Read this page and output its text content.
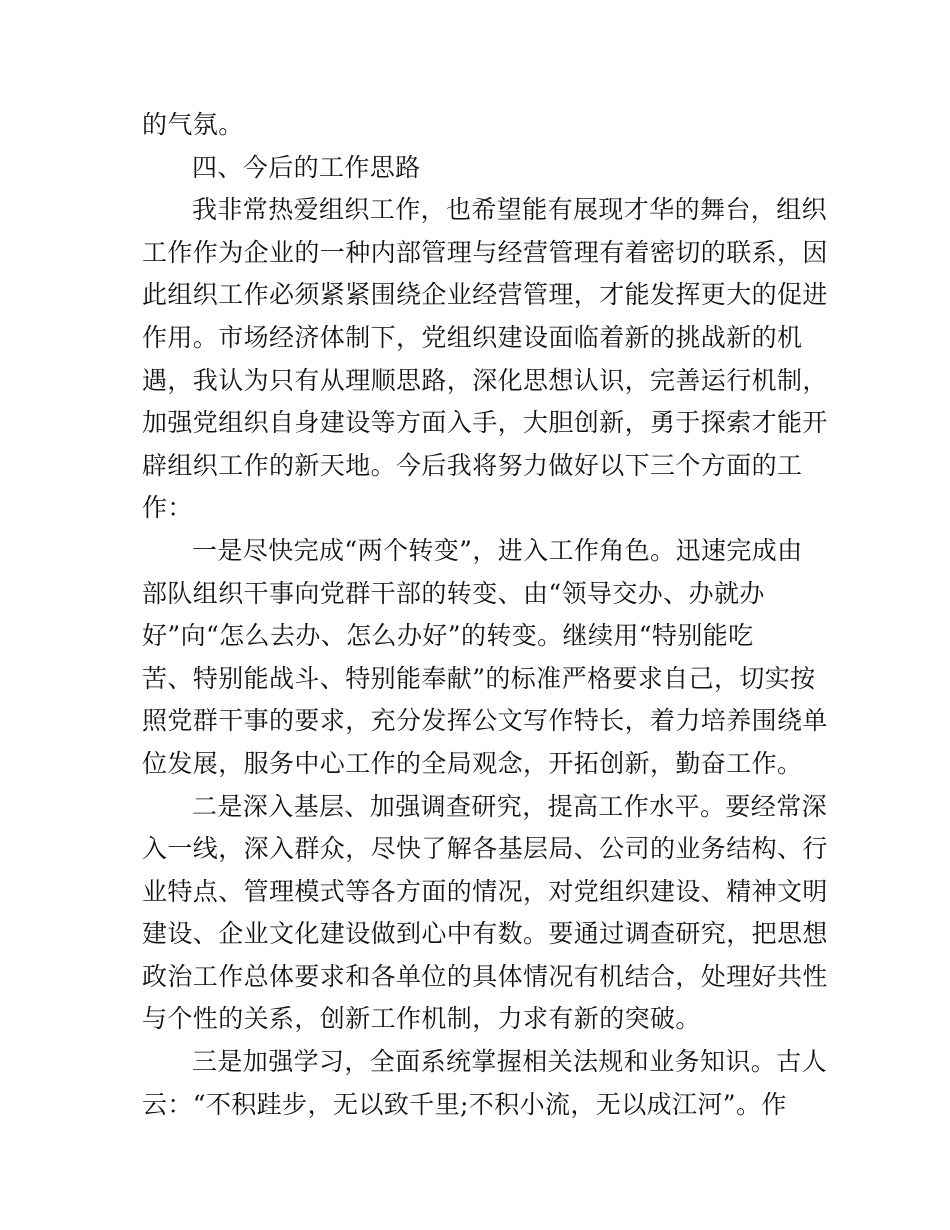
的气氛。
四、今后的工作思路
我非常热爱组织工作，也希望能有展现才华的舞台，组织
工作作为企业的一种内部管理与经营管理有着密切的联系，因
此组织工作必须紧紧围绕企业经营管理，才能发挥更大的促进
作用。市场经济体制下，党组织建设面临着新的挑战新的机
遇，我认为只有从理顺思路，深化思想认识，完善运行机制，
加强党组织自身建设等方面入手，大胆创新，勇于探索才能开
辟组织工作的新天地。今后我将努力做好以下三个方面的工
作：
一是尽快完成“两个转变”，进入工作角色。迅速完成由
部队组织干事向党群干部的转变、由“领导交办、办就办
好”向“怎么去办、怎么办好”的转变。继续用“特别能吃
苦、特别能战斗、特别能奉献”的标准严格要求自己，切实按
照党群干事的要求，充分发挥公文写作特长，着力培养围绕单
位发展，服务中心工作的全局观念，开拓创新，勤奋工作。
二是深入基层、加强调查研究，提高工作水平。要经常深
入一线，深入群众，尽快了解各基层局、公司的业务结构、行
业特点、管理模式等各方面的情况，对党组织建设、精神文明
建设、企业文化建设做到心中有数。要通过调查研究，把思想
政治工作总体要求和各单位的具体情况有机结合，处理好共性
与个性的关系，创新工作机制，力求有新的突破。
三是加强学习，全面系统掌握相关法规和业务知识。古人
云：“不积跬步，无以致千里;不积小流，无以成江河”。作
